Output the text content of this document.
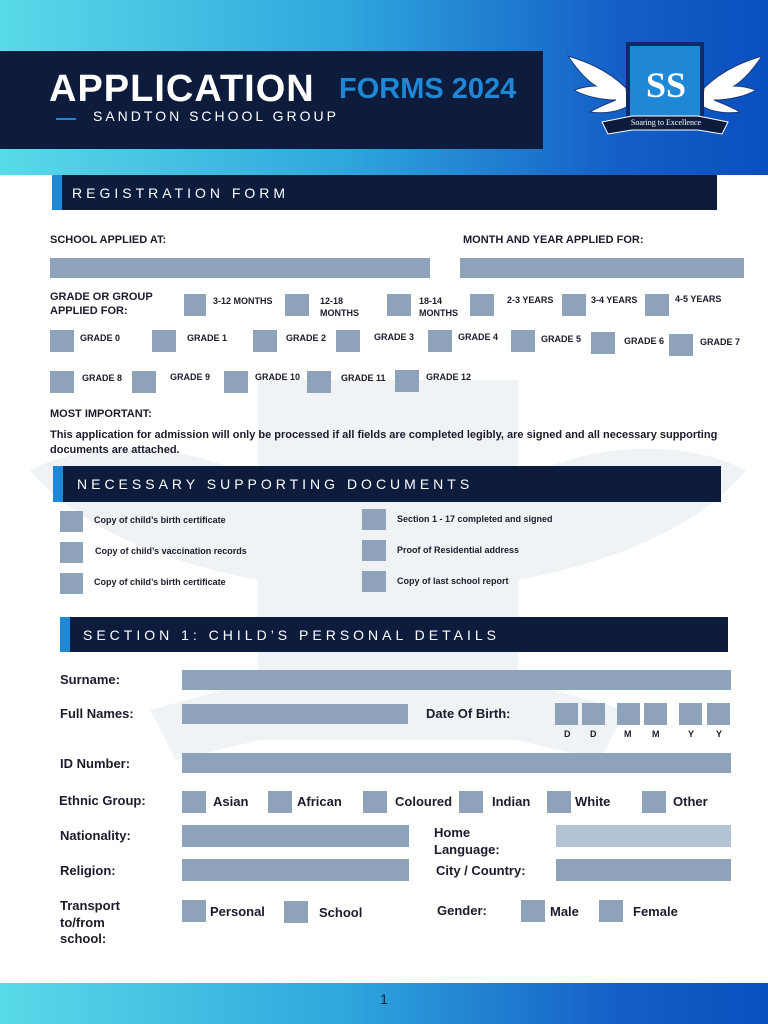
APPLICATION FORMS 2024
SANDTON SCHOOL GROUP
SS
Soaring to Excellence
REGISTRATION FORM
SCHOOL APPLIED AT:	MONTH AND YEAR APPLIED FOR:
GRADE OR GROUP
APPLIED FOR:
3-12 MONTHS	12-18
MONTHS
18-14
MONTHS
2-3 YEARS	3-4 YEARS	4-5 YEARS
GRADE 0	GRADE 1	GRADE 2	GRADE 3	GRADE 4	GRADE 5	GRADE 6	GRADE 7
GRADE 8	GRADE 9	GRADE 10	GRADE 11	GRADE 12
MOST IMPORTANT:
This application for admission will only be processed if all fields are completed legibly, are signed and all necessary supporting documents are attached.
NECESSARY SUPPORTING DOCUMENTS
Copy of child’s birth certificate
Copy of child’s vaccination records
Copy of child’s birth certificate
Section 1 - 17 completed and signed
Proof of Residential address
Copy of last school report
SECTION 1: CHILD’S PERSONAL DETAILS
Surname:
Full Names:	Date Of Birth:
D D	M M	Y Y
ID Number:
Ethnic Group:	Asian	African	Coloured	Indian	White	Other
Nationality:	Home
Language:
Religion:	City / Country:
Transport
to/from
school:
Personal	School	Gender:	Male	Female
1
